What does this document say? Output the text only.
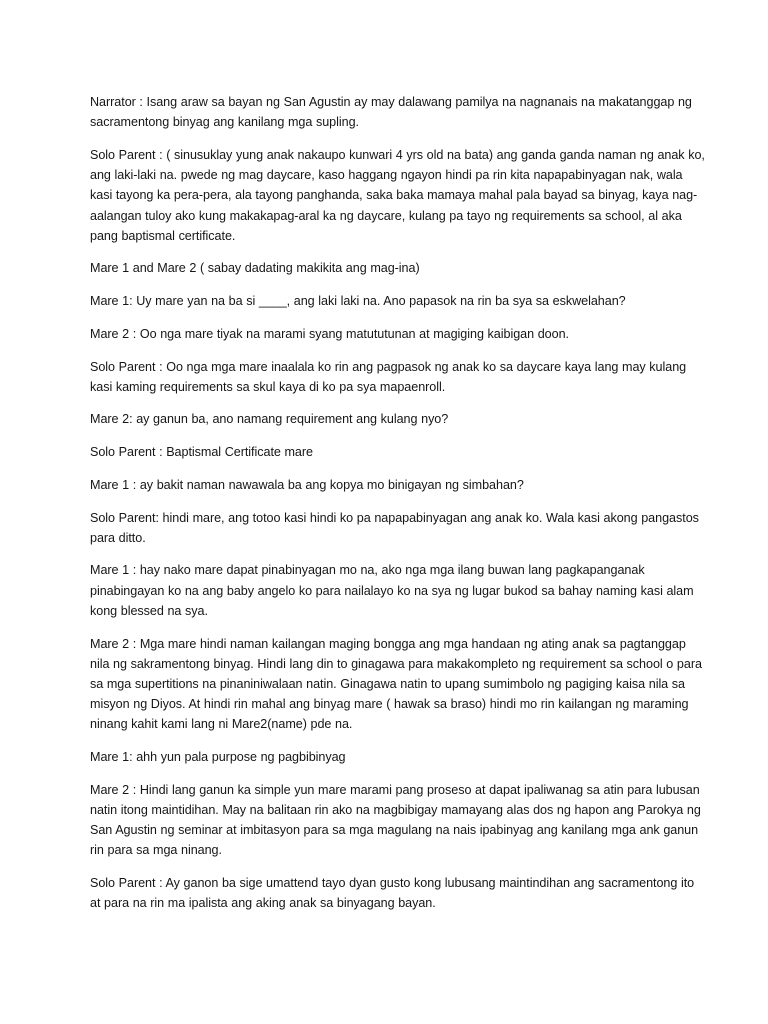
Narrator : Isang araw sa bayan ng San Agustin ay may dalawang pamilya na nagnanais na makatanggap ng sacramentong binyag ang kanilang mga supling.

Solo Parent : ( sinusuklay yung anak nakaupo kunwari 4 yrs old na bata) ang ganda ganda naman ng anak ko, ang laki-laki na. pwede ng mag daycare, kaso haggang ngayon hindi pa rin kita napapabinyagan nak, wala kasi tayong ka pera-pera, ala tayong panghanda, saka baka mamaya mahal pala bayad sa binyag, kaya nag-aalangan tuloy ako kung makakapag-aral ka ng daycare, kulang pa tayo ng requirements sa school, al aka pang baptismal certificate.

Mare 1 and Mare 2 ( sabay dadating makikita ang mag-ina)

Mare 1: Uy mare yan na ba si ____, ang laki laki na. Ano papasok na rin ba sya sa eskwelahan?

Mare 2 : Oo nga mare tiyak na marami syang matututunan at magiging kaibigan doon.

Solo Parent : Oo nga mga mare inaalala ko rin ang pagpasok ng anak ko sa daycare kaya lang may kulang kasi kaming requirements sa skul kaya di ko pa sya mapaenroll.

Mare 2: ay ganun ba, ano namang requirement ang kulang nyo?

Solo Parent : Baptismal Certificate mare

Mare 1 : ay bakit naman nawawala ba ang kopya mo binigayan ng simbahan?

Solo Parent: hindi mare, ang totoo kasi hindi ko pa napapabinyagan ang anak ko. Wala kasi akong pangastos para ditto.

Mare 1 : hay nako mare dapat pinabinyagan mo na, ako nga mga ilang buwan lang pagkapanganak pinabingayan ko na ang baby angelo ko para nailalayo ko na sya ng lugar bukod sa bahay naming kasi alam kong blessed na sya.

Mare 2 : Mga mare hindi naman kailangan maging bongga ang mga handaan ng ating anak sa pagtanggap nila ng sakramentong binyag. Hindi lang din to ginagawa para makakompleto ng requirement sa school o para sa mga supertitions na pinaniniwalaan natin. Ginagawa natin to upang sumimbolo ng pagiging kaisa nila sa misyon ng Diyos. At hindi rin mahal ang binyag mare ( hawak sa braso) hindi mo rin kailangan ng maraming ninang kahit kami lang ni Mare2(name) pde na.

Mare 1: ahh yun pala purpose ng pagbibinyag

Mare 2 : Hindi lang ganun ka simple yun mare marami pang proseso at dapat ipaliwanag sa atin para lubusan natin itong maintidihan. May na balitaan rin ako na magbibigay mamayang alas dos ng hapon ang Parokya ng San Agustin ng seminar at imbitasyon para sa mga magulang na nais ipabinyag ang kanilang mga ank ganun rin para sa mga ninang.

Solo Parent : Ay ganon ba sige umattend tayo dyan gusto kong lubusang maintindihan ang sacramentong ito at para na rin ma ipalista ang aking anak sa binyagang bayan.
